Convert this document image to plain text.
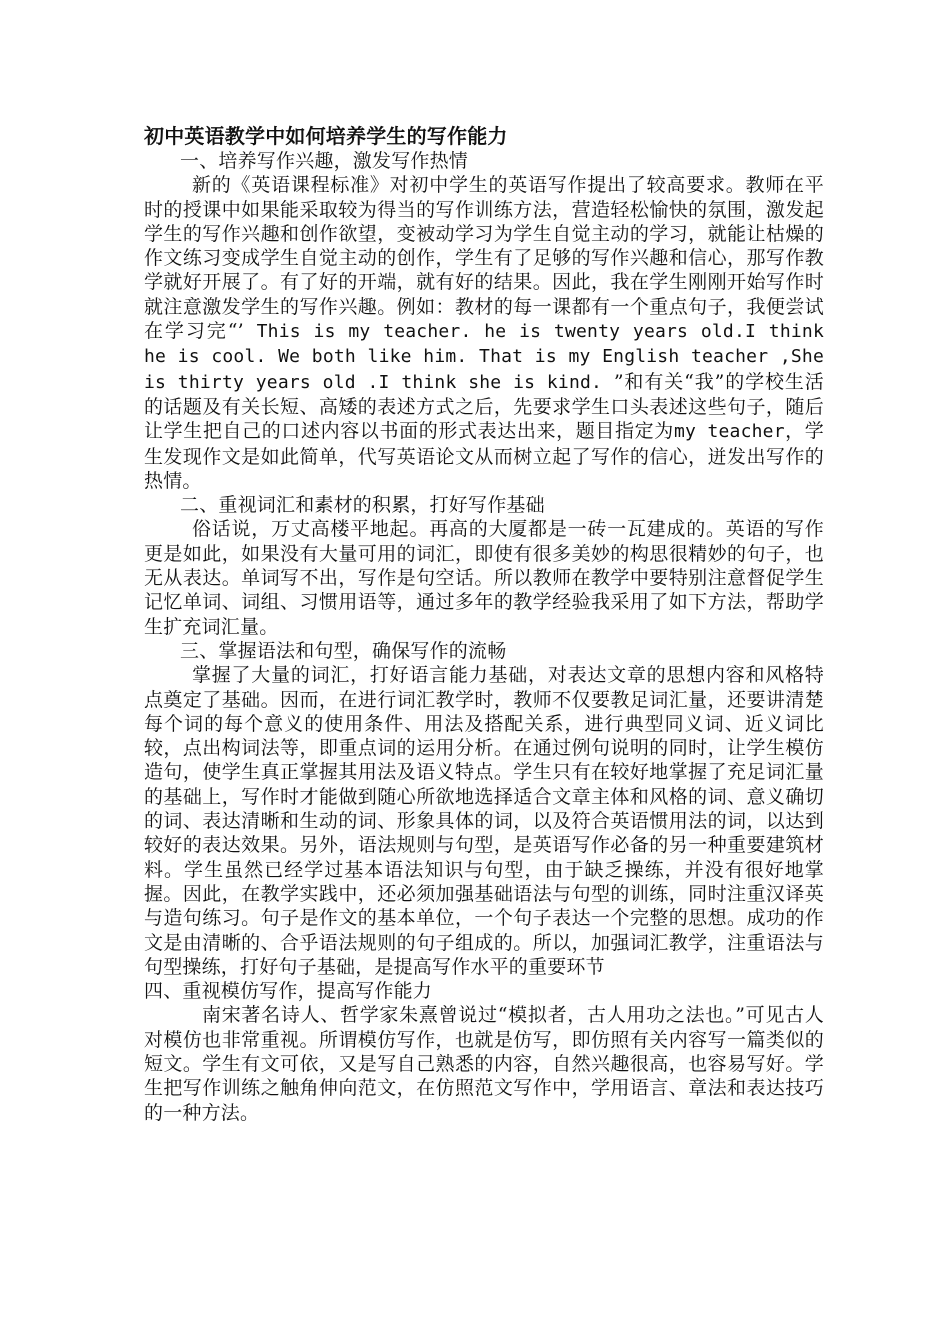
初中英语教学中如何培养学生的写作能力

一、培养写作兴趣，激发写作热情

新的《英语课程标准》对初中学生的英语写作提出了较高要求。教师在平时的授课中如果能采取较为得当的写作训练方法，营造轻松愉快的氛围，激发起学生的写作兴趣和创作欲望，变被动学习为学生自觉主动的学习，就能让枯燥的作文练习变成学生自觉主动的创作，学生有了足够的写作兴趣和信心，那写作教学就好开展了。有了好的开端，就有好的结果。因此，我在学生刚刚开始写作时就注意激发学生的写作兴趣。例如：教材的每一课都有一个重点句子，我便尝试在学习完“’ This is my teacher. he is twenty years old.I think he is cool. We both like him. That is my English teacher ,She is thirty years old .I think she is kind. ”和有关“我”的学校生活的话题及有关长短、高矮的表述方式之后，先要求学生口头表述这些句子，随后让学生把自己的口述内容以书面的形式表达出来，题目指定为my teacher，学生发现作文是如此简单，代写英语论文从而树立起了写作的信心，迸发出写作的热情。

二、重视词汇和素材的积累，打好写作基础

俗话说，万丈高楼平地起。再高的大厦都是一砖一瓦建成的。英语的写作更是如此，如果没有大量可用的词汇，即使有很多美妙的构思很精妙的句子，也无从表达。单词写不出，写作是句空话。所以教师在教学中要特别注意督促学生记忆单词、词组、习惯用语等，通过多年的教学经验我采用了如下方法，帮助学生扩充词汇量。

三、掌握语法和句型，确保写作的流畅

掌握了大量的词汇，打好语言能力基础，对表达文章的思想内容和风格特点奠定了基础。因而，在进行词汇教学时，教师不仅要教足词汇量，还要讲清楚每个词的每个意义的使用条件、用法及搭配关系，进行典型同义词、近义词比较，点出构词法等，即重点词的运用分析。在通过例句说明的同时，让学生模仿造句，使学生真正掌握其用法及语义特点。学生只有在较好地掌握了充足词汇量的基础上，写作时才能做到随心所欲地选择适合文章主体和风格的词、意义确切的词、表达清晰和生动的词、形象具体的词，以及符合英语惯用法的词，以达到较好的表达效果。另外，语法规则与句型，是英语写作必备的另一种重要建筑材料。学生虽然已经学过基本语法知识与句型，由于缺乏操练，并没有很好地掌握。因此，在教学实践中，还必须加强基础语法与句型的训练，同时注重汉译英与造句练习。句子是作文的基本单位，一个句子表达一个完整的思想。成功的作文是由清晰的、合乎语法规则的句子组成的。所以，加强词汇教学，注重语法与句型操练，打好句子基础，是提高写作水平的重要环节

四、重视模仿写作，提高写作能力

南宋著名诗人、哲学家朱熹曾说过“模拟者，古人用功之法也。”可见古人对模仿也非常重视。所谓模仿写作，也就是仿写，即仿照有关内容写一篇类似的短文。学生有文可依，又是写自己熟悉的内容，自然兴趣很高，也容易写好。学生把写作训练之触角伸向范文，在仿照范文写作中，学用语言、章法和表达技巧的一种方法。
